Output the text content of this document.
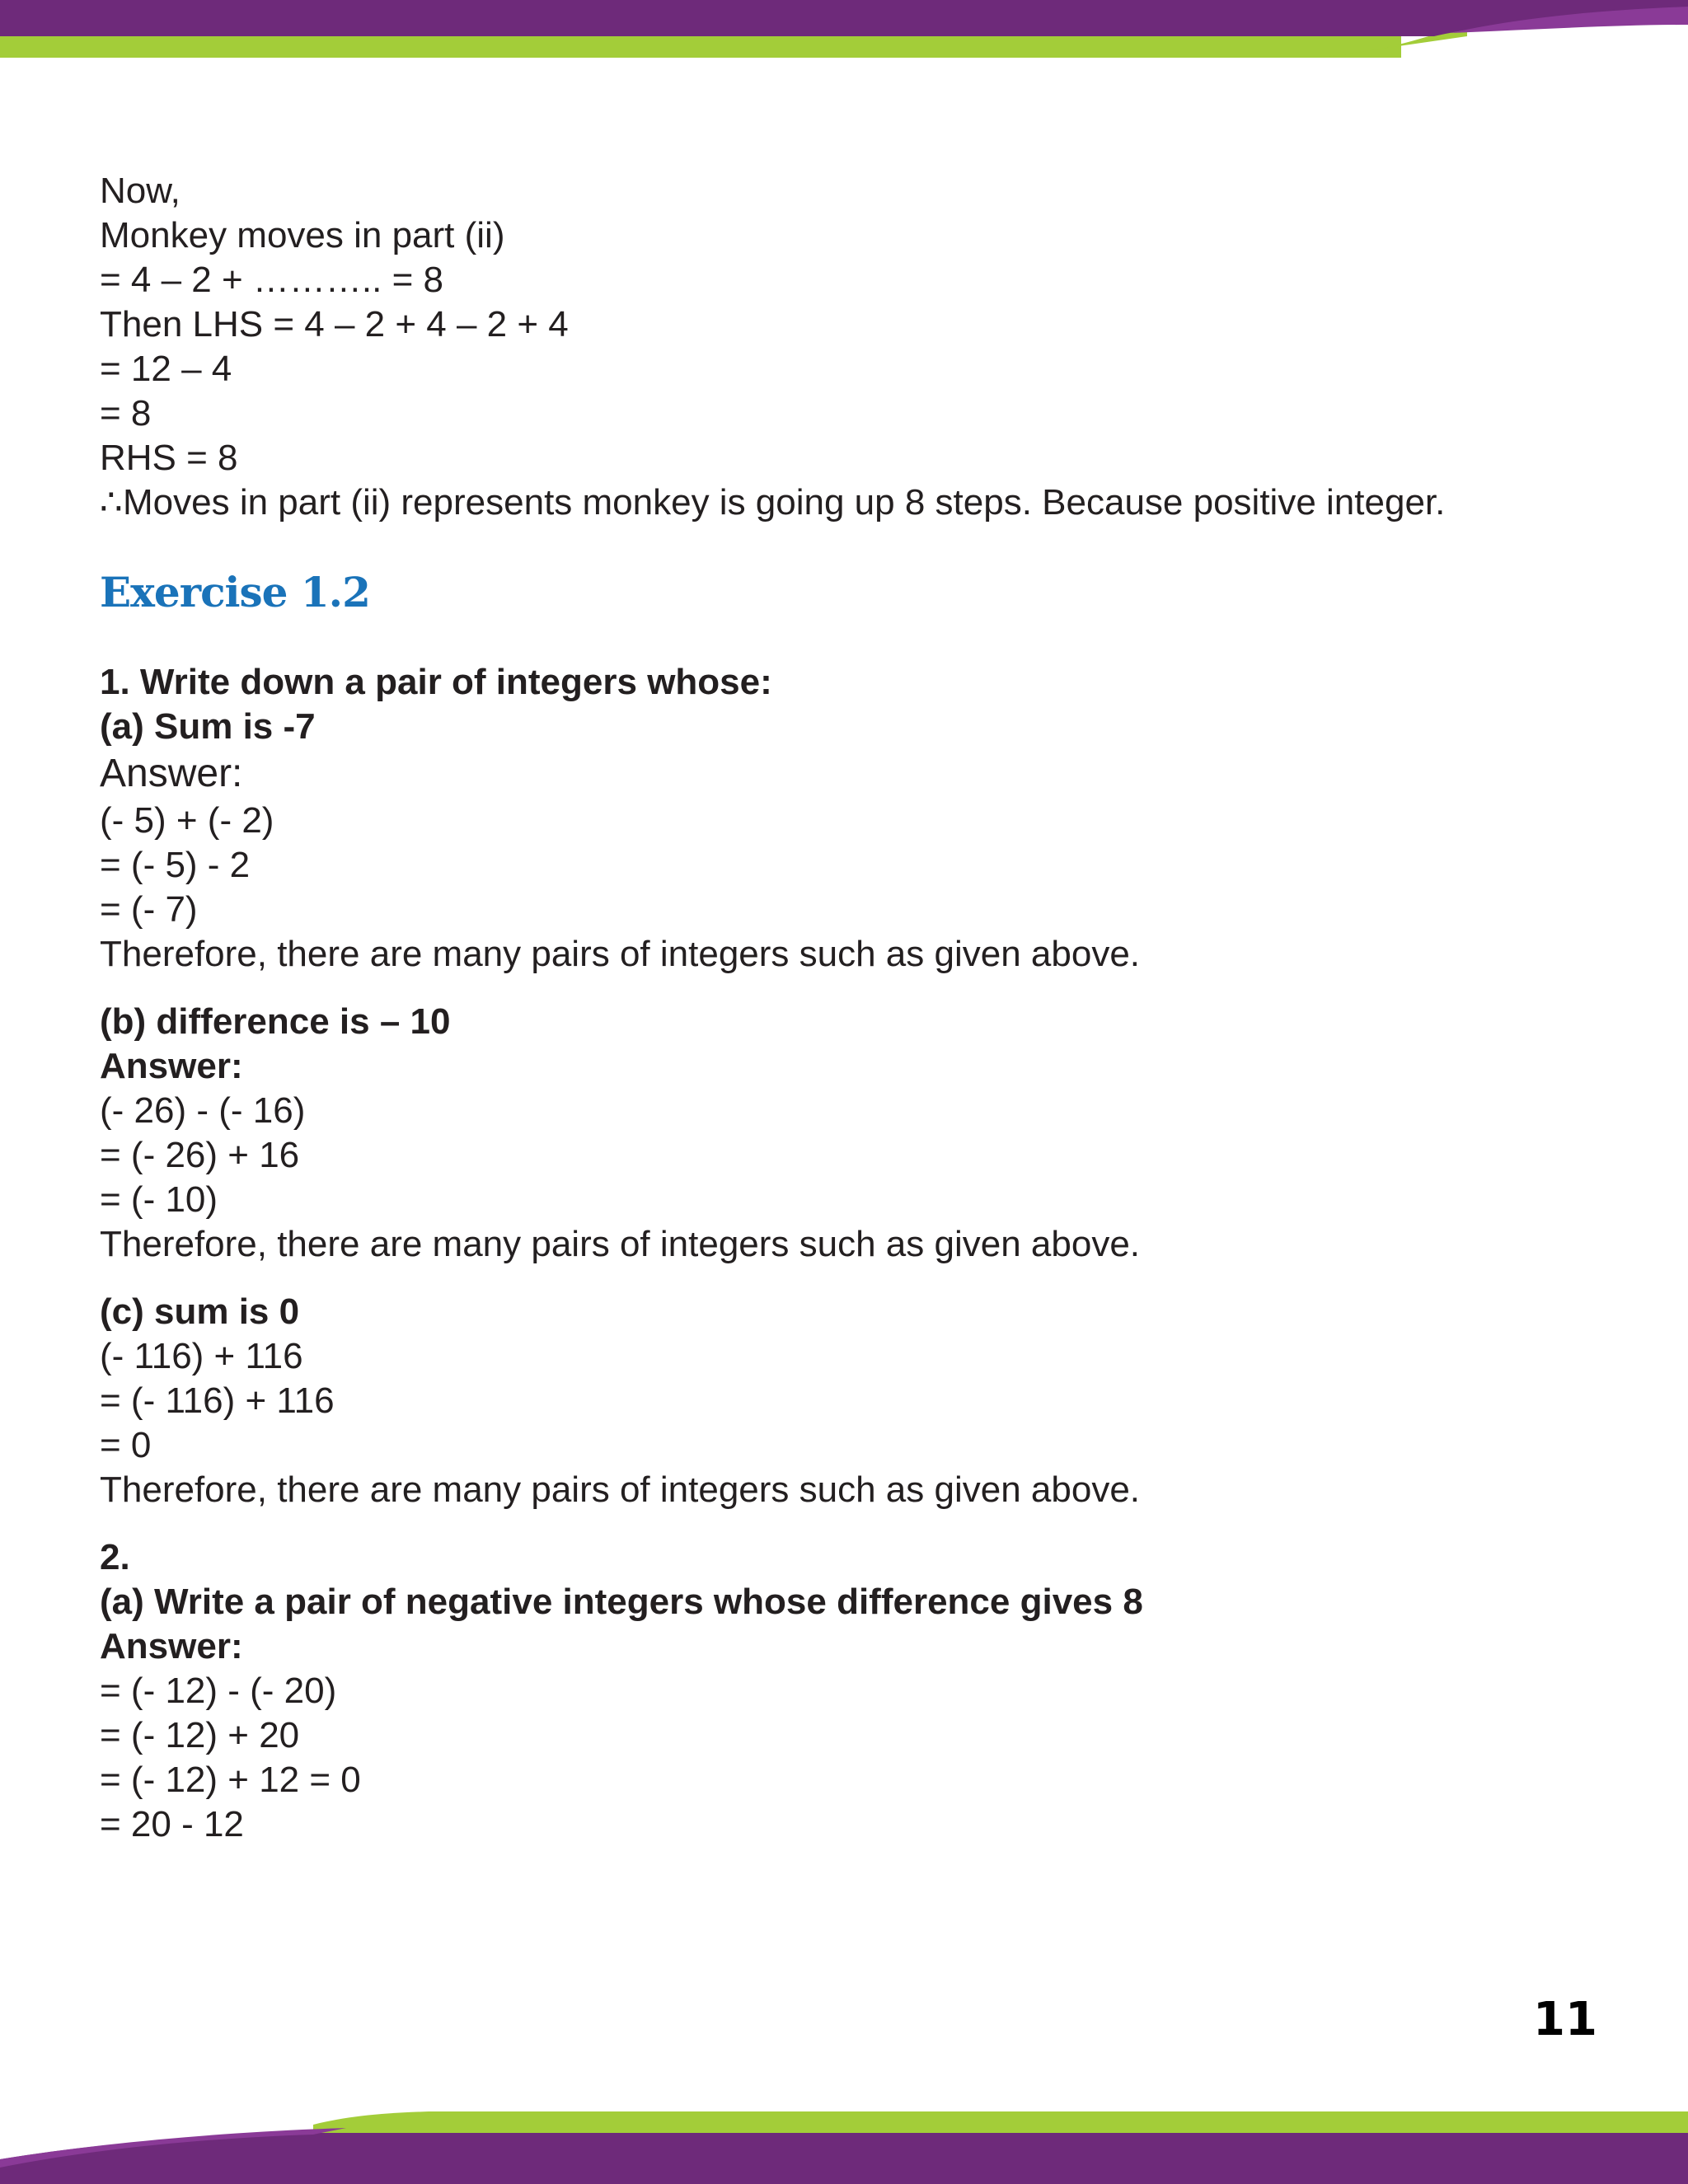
Now,
Monkey moves in part (ii)
= 4 – 2 + ……….. = 8
Then LHS = 4 – 2 + 4 – 2 + 4
= 12 – 4
= 8
RHS = 8
∴Moves in part (ii) represents monkey is going up 8 steps. Because positive integer.
Exercise 1.2
1. Write down a pair of integers whose:
(a) Sum is -7
Answer:
(- 5) + (- 2)
= (- 5) - 2
= (- 7)
Therefore, there are many pairs of integers such as given above.
(b) difference is – 10
Answer:
(- 26) - (- 16)
= (- 26) + 16
= (- 10)
Therefore, there are many pairs of integers such as given above.
(c) sum is 0
(- 116) + 116
= (- 116) + 116
= 0
Therefore, there are many pairs of integers such as given above.
2.
(a) Write a pair of negative integers whose difference gives 8
Answer:
= (- 12) - (- 20)
= (- 12) + 20
= (- 12) + 12 = 0
= 20 - 12
11
